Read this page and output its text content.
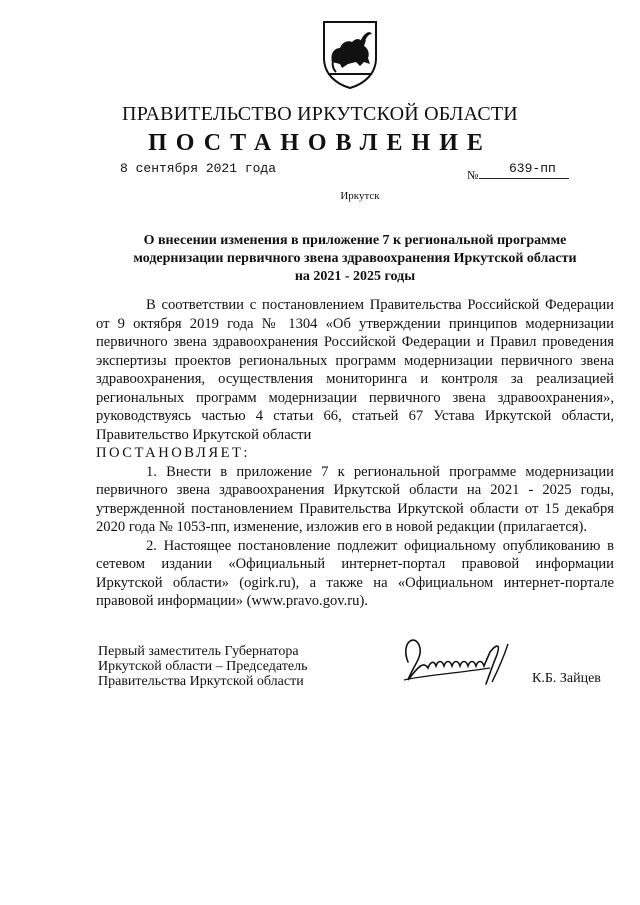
ПРАВИТЕЛЬСТВО ИРКУТСКОЙ ОБЛАСТИ
ПОСТАНОВЛЕНИЕ
8 сентября 2021 года	№ 639-пп
Иркутск
О внесении изменения в приложение 7 к региональной программе
модернизации первичного звена здравоохранения Иркутской области
на 2021 - 2025 годы

В соответствии с постановлением Правительства Российской Федерации от 9 октября 2019 года № 1304 «Об утверждении принципов модернизации первичного звена здравоохранения Российской Федерации и Правил проведения экспертизы проектов региональных программ модернизации первичного звена здравоохранения, осуществления мониторинга и контроля за реализацией региональных программ модернизации первичного звена здравоохранения», руководствуясь частью 4 статьи 66, статьей 67 Устава Иркутской области, Правительство Иркутской области

ПОСТАНОВЛЯЕТ:

1. Внести в приложение 7 к региональной программе модернизации первичного звена здравоохранения Иркутской области на 2021 - 2025 годы, утвержденной постановлением Правительства Иркутской области от 15 декабря 2020 года № 1053-пп, изменение, изложив его в новой редакции (прилагается).

2. Настоящее постановление подлежит официальному опубликованию в сетевом издании «Официальный интернет-портал правовой информации Иркутской области» (ogirk.ru), а также на «Официальном интернет-портале правовой информации» (www.pravo.gov.ru).

Первый заместитель Губернатора
Иркутской области – Председатель
Правительства Иркутской области	К.Б. Зайцев
